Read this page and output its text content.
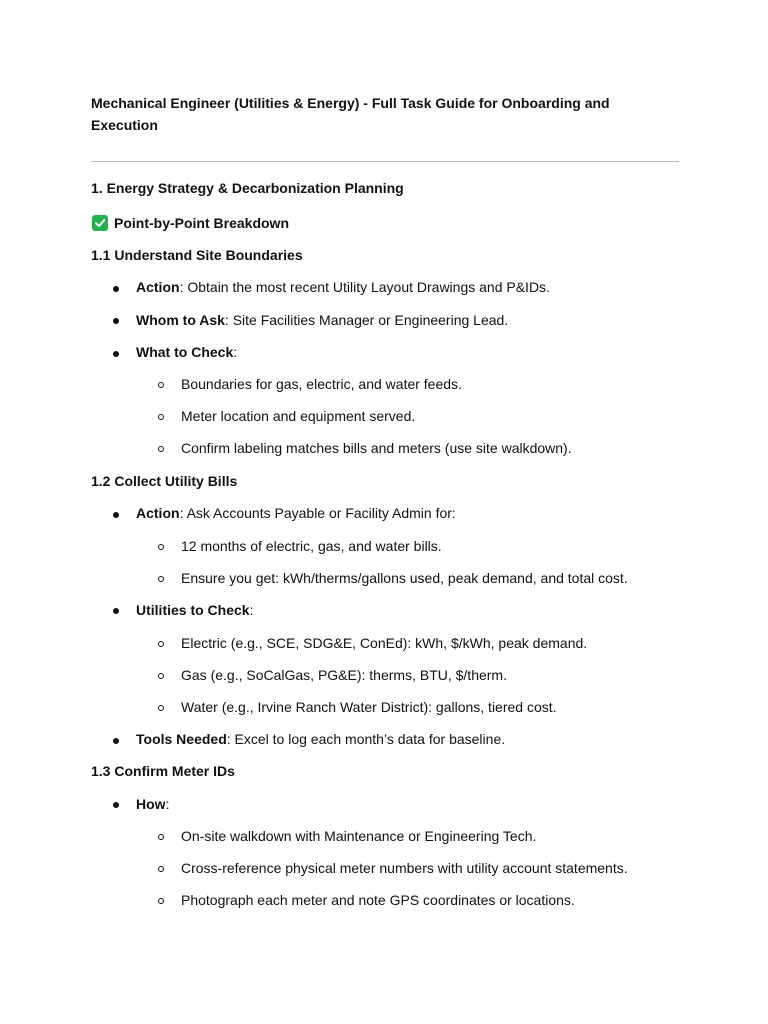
Mechanical Engineer (Utilities & Energy) - Full Task Guide for Onboarding and Execution
1. Energy Strategy & Decarbonization Planning
Point-by-Point Breakdown
1.1 Understand Site Boundaries
Action: Obtain the most recent Utility Layout Drawings and P&IDs.
Whom to Ask: Site Facilities Manager or Engineering Lead.
What to Check:
Boundaries for gas, electric, and water feeds.
Meter location and equipment served.
Confirm labeling matches bills and meters (use site walkdown).
1.2 Collect Utility Bills
Action: Ask Accounts Payable or Facility Admin for:
12 months of electric, gas, and water bills.
Ensure you get: kWh/therms/gallons used, peak demand, and total cost.
Utilities to Check:
Electric (e.g., SCE, SDG&E, ConEd): kWh, $/kWh, peak demand.
Gas (e.g., SoCalGas, PG&E): therms, BTU, $/therm.
Water (e.g., Irvine Ranch Water District): gallons, tiered cost.
Tools Needed: Excel to log each month’s data for baseline.
1.3 Confirm Meter IDs
How:
On-site walkdown with Maintenance or Engineering Tech.
Cross-reference physical meter numbers with utility account statements.
Photograph each meter and note GPS coordinates or locations.
